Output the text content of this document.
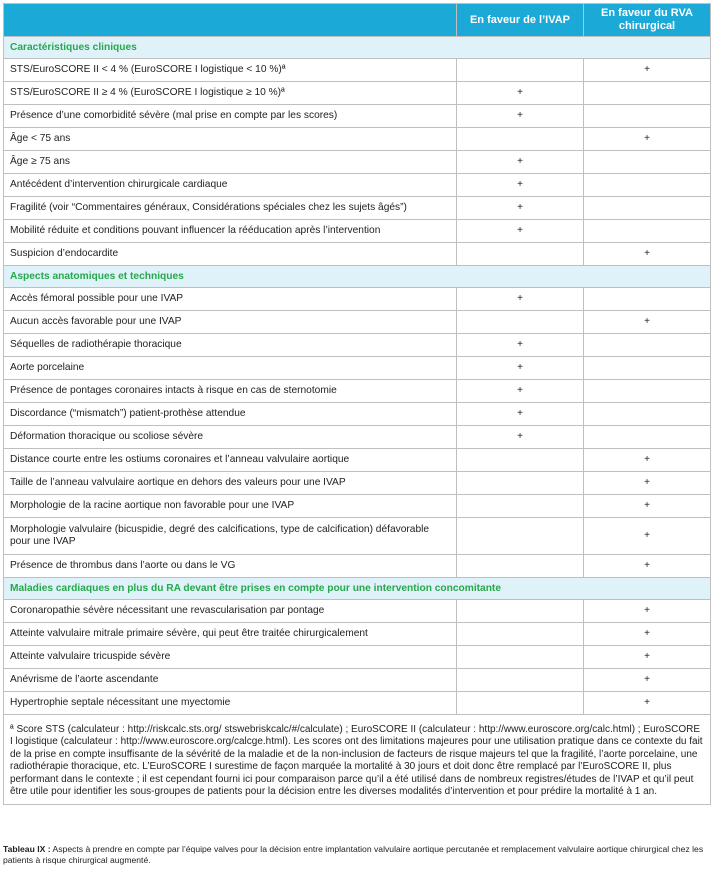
	En faveur de l’IVAP	En faveur du RVA chirurgical
Caractéristiques cliniques		
STS/EuroSCORE II < 4 % (EuroSCORE I logistique < 10 %)ª		+
STS/EuroSCORE II ≥ 4 % (EuroSCORE I logistique ≥ 10 %)ª	+	
Présence d’une comorbidité sévère (mal prise en compte par les scores)	+	
Âge < 75 ans		+
Âge ≥ 75 ans	+	
Antécédent d’intervention chirurgicale cardiaque	+	
Fragilité (voir “Commentaires généraux, Considérations spéciales chez les sujets âgés”)	+	
Mobilité réduite et conditions pouvant influencer la rééducation après l’intervention	+	
Suspicion d’endocardite		+
Aspects anatomiques et techniques		
Accès fémoral possible pour une IVAP	+	
Aucun accès favorable pour une IVAP		+
Séquelles de radiothérapie thoracique	+	
Aorte porcelaine	+	
Présence de pontages coronaires intacts à risque en cas de sternotomie	+	
Discordance (“mismatch”) patient-prothèse attendue	+	
Déformation thoracique ou scoliose sévère	+	
Distance courte entre les ostiums coronaires et l’anneau valvulaire aortique		+
Taille de l’anneau valvulaire aortique en dehors des valeurs pour une IVAP		+
Morphologie de la racine aortique non favorable pour une IVAP		+
Morphologie valvulaire (bicuspidie, degré des calcifications, type de calcification) défavorable pour une IVAP		+
Présence de thrombus dans l’aorte ou dans le VG		+
Maladies cardiaques en plus du RA devant être prises en compte pour une intervention concomitante		
Coronaropathie sévère nécessitant une revascularisation par pontage		+
Atteinte valvulaire mitrale primaire sévère, qui peut être traitée chirurgicalement		+
Atteinte valvulaire tricuspide sévère		+
Anévrisme de l’aorte ascendante		+
Hypertrophie septale nécessitant une myectomie		+
ª Score STS (calculateur : http://riskcalc.sts.org/ stswebriskcalc/#/calculate) ; EuroSCORE II (calculateur : http://www.euroscore.org/calc.html) ; EuroSCORE I logistique (calculateur : http://www.euroscore.org/calcge.html). Les scores ont des limitations majeures pour une utilisation pratique dans ce contexte du fait de la prise en compte insuffisante de la sévérité de la maladie et de la non-inclusion de facteurs de risque majeurs tel que la fragilité, l’aorte porcelaine, une radiothérapie thoracique, etc. L’EuroSCORE I surestime de façon marquée la mortalité à 30 jours et doit donc être remplacé par l’EuroSCORE II, plus performant dans le contexte ; il est cependant fourni ici pour comparaison parce qu’il a été utilisé dans de nombreux registres/études de l’IVAP et qu’il peut être utile pour identifier les sous-groupes de patients pour la décision entre les diverses modalités d’intervention et pour prédire la mortalité à 1 an.		
Tableau IX : Aspects à prendre en compte par l’équipe valves pour la décision entre implantation valvulaire aortique percutanée et remplacement valvulaire aortique chirurgical chez les patients à risque chirurgical augmenté.
